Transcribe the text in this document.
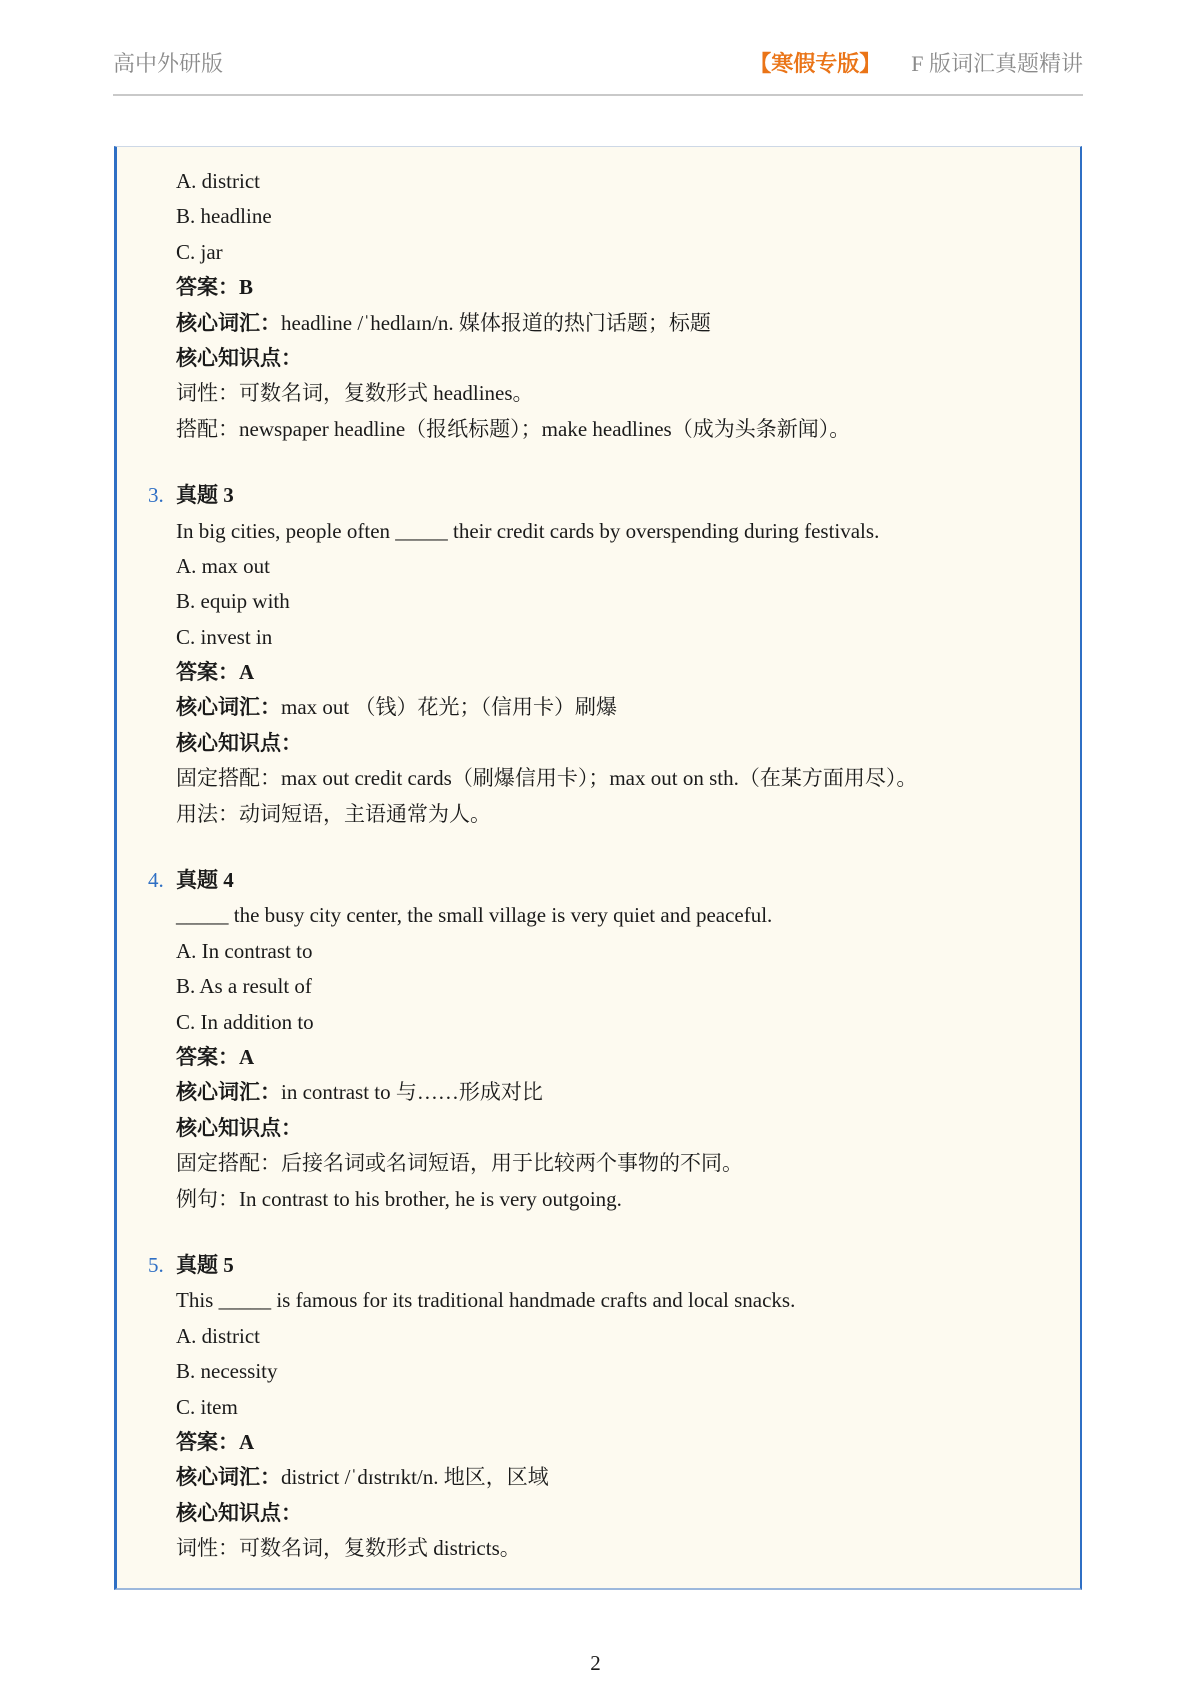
高中外研版	【寒假专版】 F 版词汇真题精讲
A. district
B. headline
C. jar
答案：B
核心词汇：headline /ˈhedlaɪn/n. 媒体报道的热门话题；标题
核心知识点：
词性：可数名词，复数形式 headlines。
搭配：newspaper headline（报纸标题）；make headlines（成为头条新闻）。
3. 真题 3
In big cities, people often _____ their credit cards by overspending during festivals.
A. max out
B. equip with
C. invest in
答案：A
核心词汇：max out （钱）花光；（信用卡）刷爆
核心知识点：
固定搭配：max out credit cards（刷爆信用卡）；max out on sth.（在某方面用尽）。
用法：动词短语，主语通常为人。
4. 真题 4
_____ the busy city center, the small village is very quiet and peaceful.
A. In contrast to
B. As a result of
C. In addition to
答案：A
核心词汇：in contrast to 与……形成对比
核心知识点：
固定搭配：后接名词或名词短语，用于比较两个事物的不同。
例句：In contrast to his brother, he is very outgoing.
5. 真题 5
This _____ is famous for its traditional handmade crafts and local snacks.
A. district
B. necessity
C. item
答案：A
核心词汇：district /ˈdɪstrɪkt/n. 地区，区域
核心知识点：
词性：可数名词，复数形式 districts。
2
